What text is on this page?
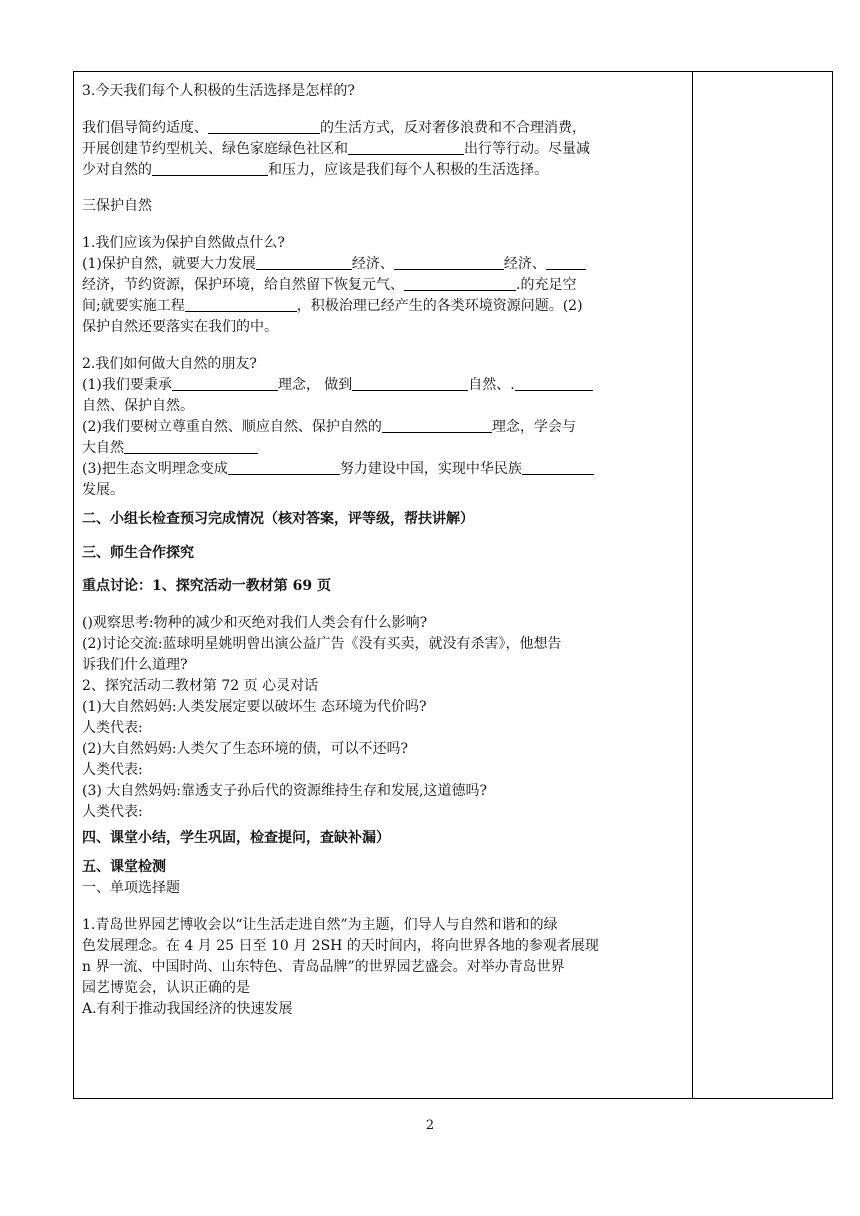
3.今天我们每个人积极的生活选择是怎样的?
我们倡导简约适度、	的生活方式，反对奢侈浪费和不合理消费，
开展创建节约型机关、绿色家庭绿色社区和	出行等行动。尽量减
少对自然的	和压力，应该是我们每个人积极的生活选择。
三保护自然
1.我们应该为保护自然做点什么?
(1)保护自然，就要大力发展	经济、	经济、
经济，节约资源，保护环境，给自然留下恢复元气、	.的充足空
间;就要实施工程	，积极治理已经产生的各类环境资源问题。(2)
保护自然还要落实在我们的中。
2.我们如何做大自然的朋友?
(1)我们要秉承	理念， 做到	自然、.
自然、保护自然。
(2)我们要树立尊重自然、顺应自然、保护自然的	理念，学会与
大自然
(3)把生态文明理念变成	努力建设中国，实现中华民族
发展。
二、小组长检查预习完成情况（核对答案，评等级，帮扶讲解）
三、师生合作探究
重点讨论：1、探究活动一教材第 69 页
()观察思考:物种的减少和灭绝对我们人类会有什么影响?
(2)讨论交流:蓝球明星姚明曾出演公益广告《没有买卖，就没有杀害》，他想告
诉我们什么道理?
2、探究活动二教材第 72 页 心灵对话
(1)大自然妈妈:人类发展定要以破坏生 态环境为代价吗?
人类代表:
(2)大自然妈妈:人类欠了生态环境的债，可以不还吗?
人类代表:
(3) 大自然妈妈:靠透支子孙后代的资源维持生存和发展,这道德吗?
人类代表:
四、课堂小结，学生巩固，检查提问，查缺补漏）
五、课堂检测
一、单项选择题
1.青岛世界园艺博收会以“让生活走进自然”为主题，们导人与自然和谐和的绿
色发展理念。在 4 月 25 日至 10 月 2SH 的天时间内，将向世界各地的参观者展现
n 界一流、中国时尚、山东特色、青岛品牌”的世界园艺盛会。对举办青岛世界
园艺博览会，认识正确的是
A.有利于推动我国经济的快速发展
2
